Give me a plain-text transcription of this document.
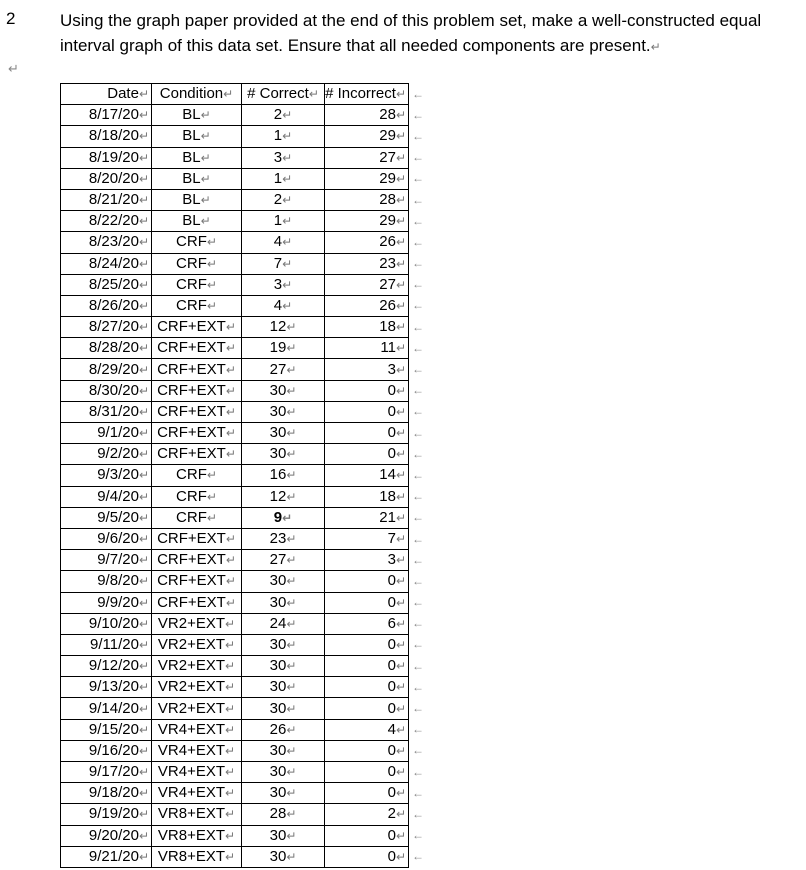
2	Using the graph paper provided at the end of this problem set, make a well-constructed equal interval graph of this data set. Ensure that all needed components are present.↵
↵
Date↵	Condition↵	# Correct↵	# Incorrect↵	←
8/17/20↵	BL↵	2↵	28↵	←
8/18/20↵	BL↵	1↵	29↵	←
8/19/20↵	BL↵	3↵	27↵	←
8/20/20↵	BL↵	1↵	29↵	←
8/21/20↵	BL↵	2↵	28↵	←
8/22/20↵	BL↵	1↵	29↵	←
8/23/20↵	CRF↵	4↵	26↵	←
8/24/20↵	CRF↵	7↵	23↵	←
8/25/20↵	CRF↵	3↵	27↵	←
8/26/20↵	CRF↵	4↵	26↵	←
8/27/20↵	CRF+EXT↵	12↵	18↵	←
8/28/20↵	CRF+EXT↵	19↵	11↵	←
8/29/20↵	CRF+EXT↵	27↵	3↵	←
8/30/20↵	CRF+EXT↵	30↵	0↵	←
8/31/20↵	CRF+EXT↵	30↵	0↵	←
9/1/20↵	CRF+EXT↵	30↵	0↵	←
9/2/20↵	CRF+EXT↵	30↵	0↵	←
9/3/20↵	CRF↵	16↵	14↵	←
9/4/20↵	CRF↵	12↵	18↵	←
9/5/20↵	CRF↵	9↵	21↵	←
9/6/20↵	CRF+EXT↵	23↵	7↵	←
9/7/20↵	CRF+EXT↵	27↵	3↵	←
9/8/20↵	CRF+EXT↵	30↵	0↵	←
9/9/20↵	CRF+EXT↵	30↵	0↵	←
9/10/20↵	VR2+EXT↵	24↵	6↵	←
9/11/20↵	VR2+EXT↵	30↵	0↵	←
9/12/20↵	VR2+EXT↵	30↵	0↵	←
9/13/20↵	VR2+EXT↵	30↵	0↵	←
9/14/20↵	VR2+EXT↵	30↵	0↵	←
9/15/20↵	VR4+EXT↵	26↵	4↵	←
9/16/20↵	VR4+EXT↵	30↵	0↵	←
9/17/20↵	VR4+EXT↵	30↵	0↵	←
9/18/20↵	VR4+EXT↵	30↵	0↵	←
9/19/20↵	VR8+EXT↵	28↵	2↵	←
9/20/20↵	VR8+EXT↵	30↵	0↵	←
9/21/20↵	VR8+EXT↵	30↵	0↵	←
